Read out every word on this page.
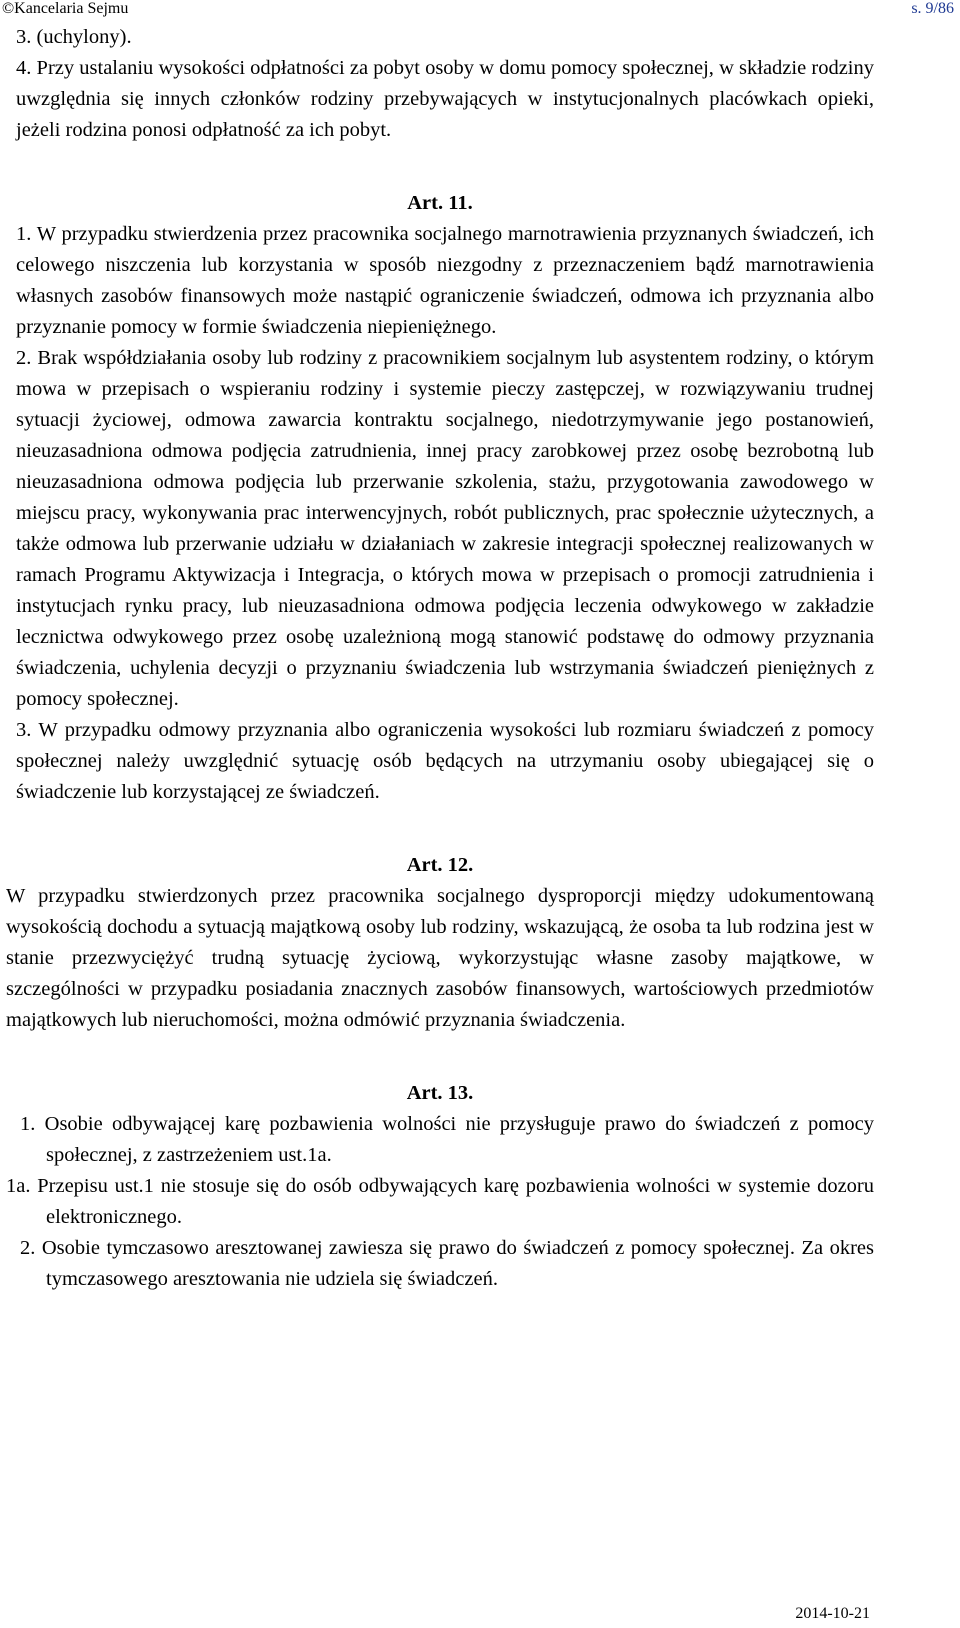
©Kancelaria Sejmu	s. 9/86

3. (uchylony).

4. Przy ustalaniu wysokości odpłatności za pobyt osoby w domu pomocy społecznej, w składzie rodziny uwzględnia się innych członków rodziny przebywających w instytucjonalnych placówkach opieki, jeżeli rodzina ponosi odpłatność za ich pobyt.

Art. 11.

1. W przypadku stwierdzenia przez pracownika socjalnego marnotrawienia przyznanych świadczeń, ich celowego niszczenia lub korzystania w sposób niezgodny z przeznaczeniem bądź marnotrawienia własnych zasobów finansowych może nastąpić ograniczenie świadczeń, odmowa ich przyznania albo przyznanie pomocy w formie świadczenia niepieniężnego.

2. Brak współdziałania osoby lub rodziny z pracownikiem socjalnym lub asystentem rodziny, o którym mowa w przepisach o wspieraniu rodziny i systemie pieczy zastępczej, w rozwiązywaniu trudnej sytuacji życiowej, odmowa zawarcia kontraktu socjalnego, niedotrzymywanie jego postanowień, nieuzasadniona odmowa podjęcia zatrudnienia, innej pracy zarobkowej przez osobę bezrobotną lub nieuzasadniona odmowa podjęcia lub przerwanie szkolenia, stażu, przygotowania zawodowego w miejscu pracy, wykonywania prac interwencyjnych, robót publicznych, prac społecznie użytecznych, a także odmowa lub przerwanie udziału w działaniach w zakresie integracji społecznej realizowanych w ramach Programu Aktywizacja i Integracja, o których mowa w przepisach o promocji zatrudnienia i instytucjach rynku pracy, lub nieuzasadniona odmowa podjęcia leczenia odwykowego w zakładzie lecznictwa odwykowego przez osobę uzależnioną mogą stanowić podstawę do odmowy przyznania świadczenia, uchylenia decyzji o przyznaniu świadczenia lub wstrzymania świadczeń pieniężnych z pomocy społecznej.

3. W przypadku odmowy przyznania albo ograniczenia wysokości lub rozmiaru świadczeń z pomocy społecznej należy uwzględnić sytuację osób będących na utrzymaniu osoby ubiegającej się o świadczenie lub korzystającej ze świadczeń.

Art. 12.

W przypadku stwierdzonych przez pracownika socjalnego dysproporcji między udokumentowaną wysokością dochodu a sytuacją majątkową osoby lub rodziny, wskazującą, że osoba ta lub rodzina jest w stanie przezwyciężyć trudną sytuację życiową, wykorzystując własne zasoby majątkowe, w szczególności w przypadku posiadania znacznych zasobów finansowych, wartościowych przedmiotów majątkowych lub nieruchomości, można odmówić przyznania świadczenia.

Art. 13.

1. Osobie odbywającej karę pozbawienia wolności nie przysługuje prawo do świadczeń z pomocy społecznej, z zastrzeżeniem ust.1a.

1a. Przepisu ust.1 nie stosuje się do osób odbywających karę pozbawienia wolności w systemie dozoru elektronicznego.

2. Osobie tymczasowo aresztowanej zawiesza się prawo do świadczeń z pomocy społecznej. Za okres tymczasowego aresztowania nie udziela się świadczeń.

2014-10-21
